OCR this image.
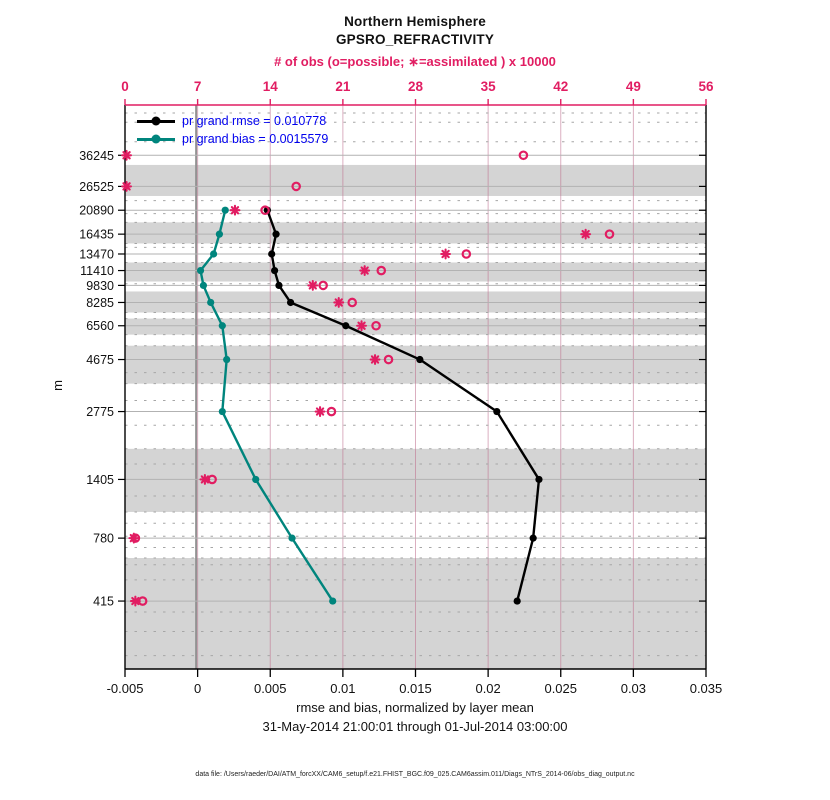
Northern Hemisphere
GPSRO_REFRACTIVITY
# of obs (o=possible; ∗=assimilated ) x 10000
0	7	14	21	28	35	42	49	56
-0.005	0	0.005	0.01	0.015	0.02	0.025	0.03	0.035
36245
26525
20890
16435
13470
11410
9830
8285
6560
4675
2775
1405
780
415
pr grand rmse = 0.010778
pr grand bias = 0.0015579
m
rmse and bias, normalized by layer mean
31-May-2014 21:00:01 through 01-Jul-2014 03:00:00
data file: /Users/raeder/DAI/ATM_forcXX/CAM6_setup/f.e21.FHIST_BGC.f09_025.CAM6assim.011/Diags_NTrS_2014-06/obs_diag_output.nc
